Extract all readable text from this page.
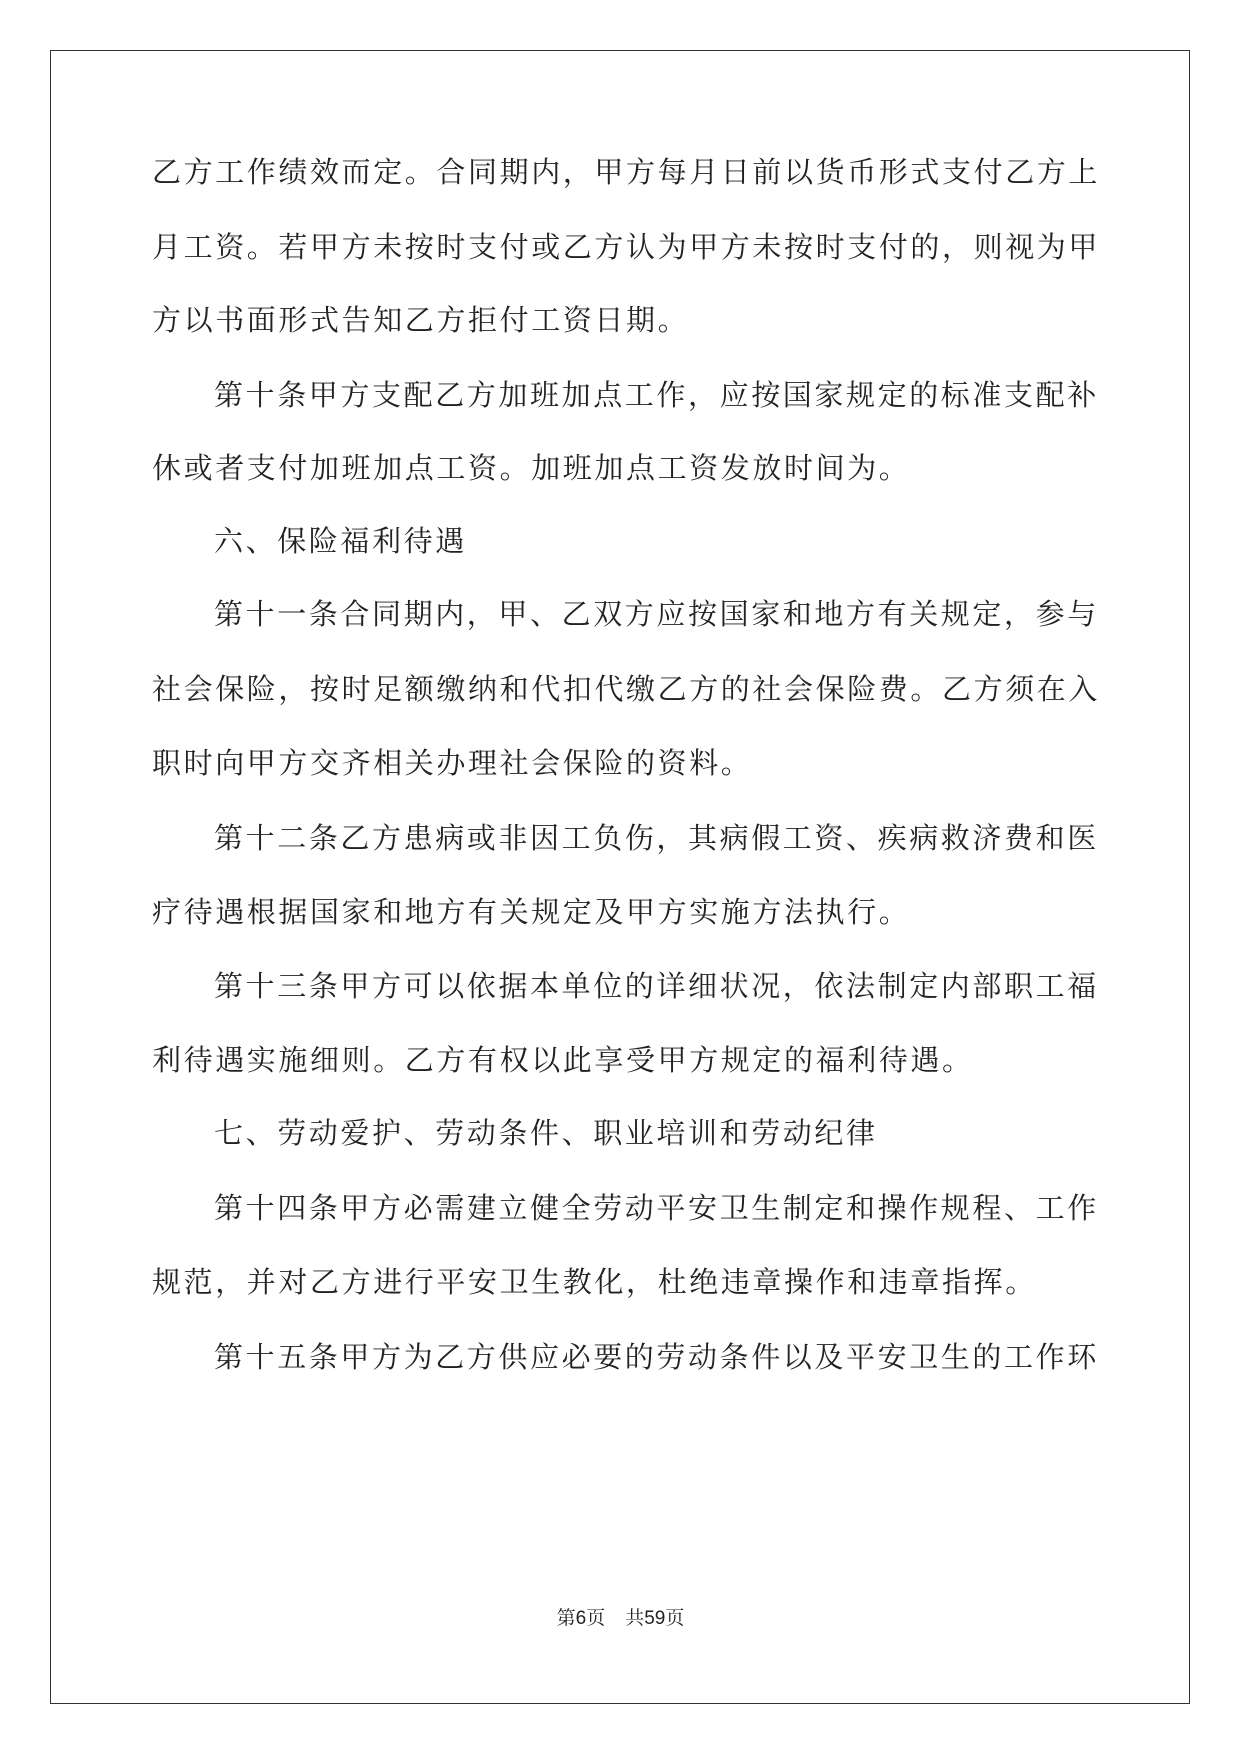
乙方工作绩效而定。合同期内，甲方每月日前以货币形式支付乙方上
月工资。若甲方未按时支付或乙方认为甲方未按时支付的，则视为甲
方以书面形式告知乙方拒付工资日期。
第十条甲方支配乙方加班加点工作，应按国家规定的标准支配补
休或者支付加班加点工资。加班加点工资发放时间为。
六、保险福利待遇
第十一条合同期内，甲、乙双方应按国家和地方有关规定，参与
社会保险，按时足额缴纳和代扣代缴乙方的社会保险费。乙方须在入
职时向甲方交齐相关办理社会保险的资料。
第十二条乙方患病或非因工负伤，其病假工资、疾病救济费和医
疗待遇根据国家和地方有关规定及甲方实施方法执行。
第十三条甲方可以依据本单位的详细状况，依法制定内部职工福
利待遇实施细则。乙方有权以此享受甲方规定的福利待遇。
七、劳动爱护、劳动条件、职业培训和劳动纪律
第十四条甲方必需建立健全劳动平安卫生制定和操作规程、工作
规范，并对乙方进行平安卫生教化，杜绝违章操作和违章指挥。
第十五条甲方为乙方供应必要的劳动条件以及平安卫生的工作环
第6页 共59页
